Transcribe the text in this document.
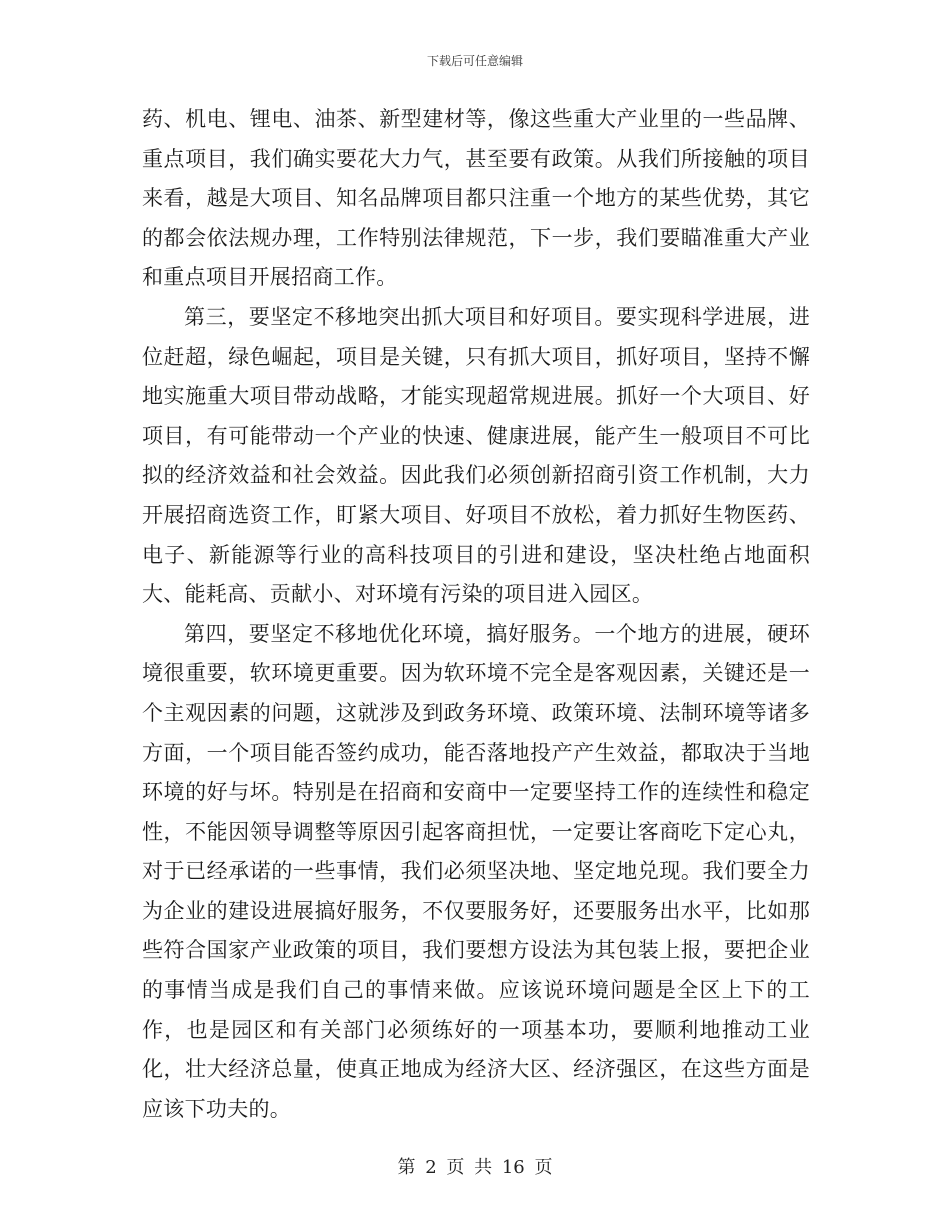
下载后可任意编辑

药、机电、锂电、油茶、新型建材等，像这些重大产业里的一些品牌、重点项目，我们确实要花大力气，甚至要有政策。从我们所接触的项目来看，越是大项目、知名品牌项目都只注重一个地方的某些优势，其它的都会依法规办理，工作特别法律规范，下一步，我们要瞄准重大产业和重点项目开展招商工作。

第三，要坚定不移地突出抓大项目和好项目。要实现科学进展，进位赶超，绿色崛起，项目是关键，只有抓大项目，抓好项目，坚持不懈地实施重大项目带动战略，才能实现超常规进展。抓好一个大项目、好项目，有可能带动一个产业的快速、健康进展，能产生一般项目不可比拟的经济效益和社会效益。因此我们必须创新招商引资工作机制，大力开展招商选资工作，盯紧大项目、好项目不放松，着力抓好生物医药、电子、新能源等行业的高科技项目的引进和建设，坚决杜绝占地面积大、能耗高、贡献小、对环境有污染的项目进入园区。

第四，要坚定不移地优化环境，搞好服务。一个地方的进展，硬环境很重要，软环境更重要。因为软环境不完全是客观因素，关键还是一个主观因素的问题，这就涉及到政务环境、政策环境、法制环境等诸多方面，一个项目能否签约成功，能否落地投产产生效益，都取决于当地环境的好与坏。特别是在招商和安商中一定要坚持工作的连续性和稳定性，不能因领导调整等原因引起客商担忧，一定要让客商吃下定心丸，对于已经承诺的一些事情，我们必须坚决地、坚定地兑现。我们要全力为企业的建设进展搞好服务，不仅要服务好，还要服务出水平，比如那些符合国家产业政策的项目，我们要想方设法为其包装上报，要把企业的事情当成是我们自己的事情来做。应该说环境问题是全区上下的工作，也是园区和有关部门必须练好的一项基本功，要顺利地推动工业化，壮大经济总量，使真正地成为经济大区、经济强区，在这些方面是应该下功夫的。

第 2 页 共 16 页
